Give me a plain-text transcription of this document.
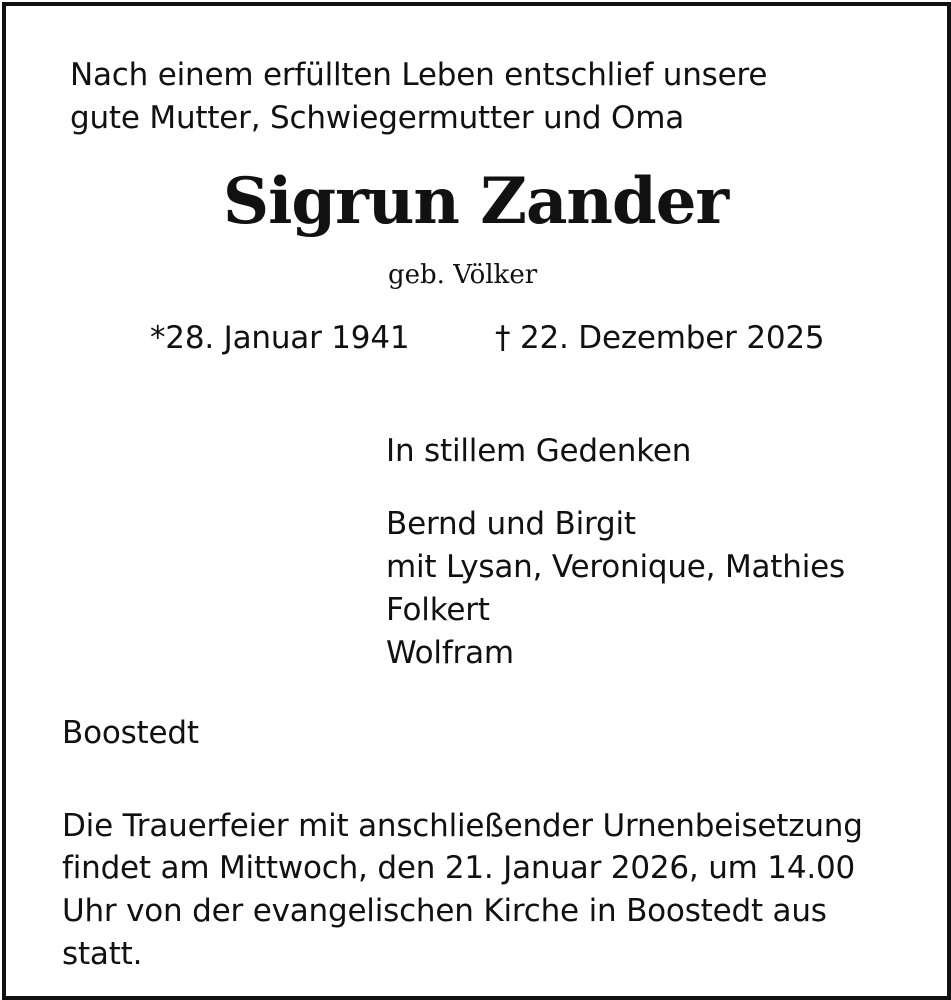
Nach einem erfüllten Leben entschlief unsere
gute Mutter, Schwiegermutter und Oma
Sigrun Zander
geb. Völker
*28. Januar 1941	† 22. Dezember 2025
In stillem Gedenken
Bernd und Birgit
mit Lysan, Veronique, Mathies
Folkert
Wolfram
Boostedt
Die Trauerfeier mit anschließender Urnenbeisetzung
findet am Mittwoch, den 21. Januar 2026, um 14.00
Uhr von der evangelischen Kirche in Boostedt aus
statt.
